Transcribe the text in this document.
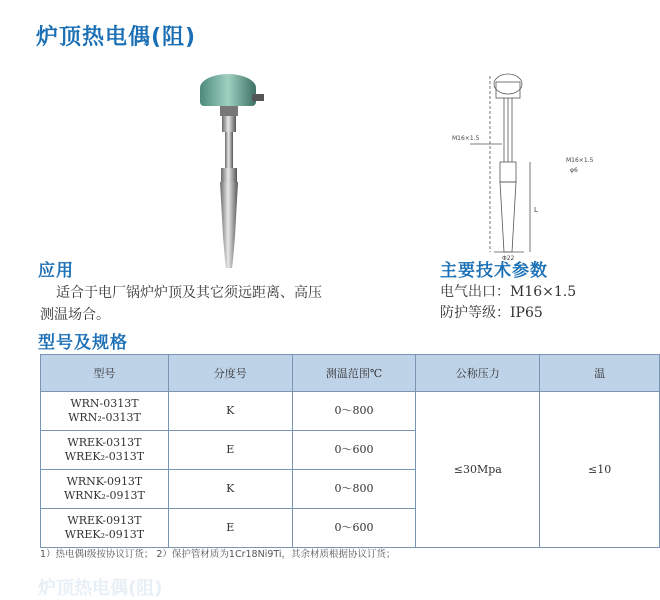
炉顶热电偶(阻)
M16×1.5
M16×1.5
φ6
L
Φ22
应用

适合于电厂锅炉炉顶及其它须远距离、高压

测温场合。

主要技术参数
电气出口：M16×1.5
防护等级：IP65
型号及规格
型号	分度号	测温范围℃	公称压力	温
WRN-0313T
WRN₂-0313T	K	0～800	≤30Mpa	≤10
WREK-0313T
WREK₂-0313T	E	0～600		
WRNK-0913T
WRNK₂-0913T	K	0～800		
WREK-0913T
WREK₂-0913T	E	0～600		
1）热电偶Ⅰ级按协议订货； 2）保护管材质为1Cr18Ni9Ti，其余材质根据协议订货；
炉顶热电偶(阻)
